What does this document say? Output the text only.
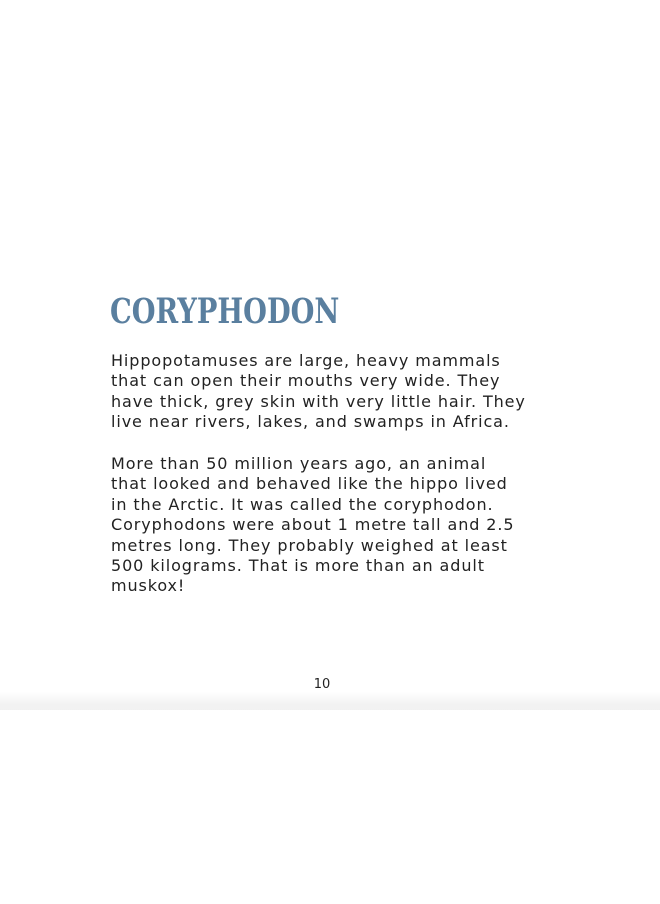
CORYPHODON

Hippopotamuses are large, heavy mammals
that can open their mouths very wide. They
have thick, grey skin with very little hair. They
live near rivers, lakes, and swamps in Africa.

More than 50 million years ago, an animal
that looked and behaved like the hippo lived
in the Arctic. It was called the coryphodon.
Coryphodons were about 1 metre tall and 2.5
metres long. They probably weighed at least
500 kilograms. That is more than an adult
muskox!

10
